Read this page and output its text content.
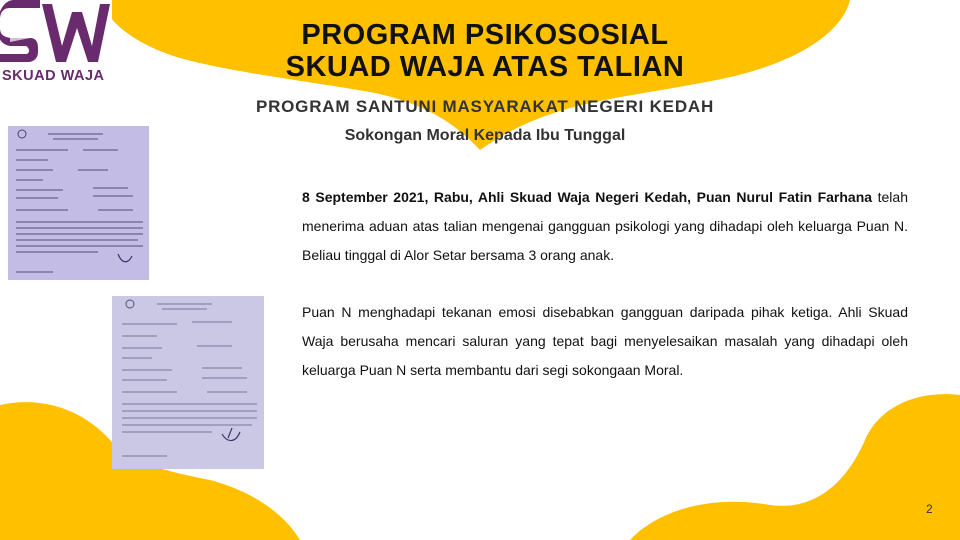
SKUAD WAJA
PROGRAM PSIKOSOSIAL
SKUAD WAJA ATAS TALIAN
PROGRAM SANTUNI MASYARAKAT NEGERI KEDAH
Sokongan Moral Kepada Ibu Tunggal
8 September 2021, Rabu, Ahli Skuad Waja Negeri Kedah, Puan Nurul Fatin Farhana telah menerima aduan atas talian mengenai gangguan psikologi yang dihadapi oleh keluarga Puan N. Beliau tinggal di Alor Setar bersama 3 orang anak.
Puan N menghadapi tekanan emosi disebabkan gangguan daripada pihak ketiga. Ahli Skuad Waja berusaha mencari saluran yang tepat bagi menyelesaikan masalah yang dihadapi oleh keluarga Puan N serta membantu dari segi sokongaan Moral.
2
